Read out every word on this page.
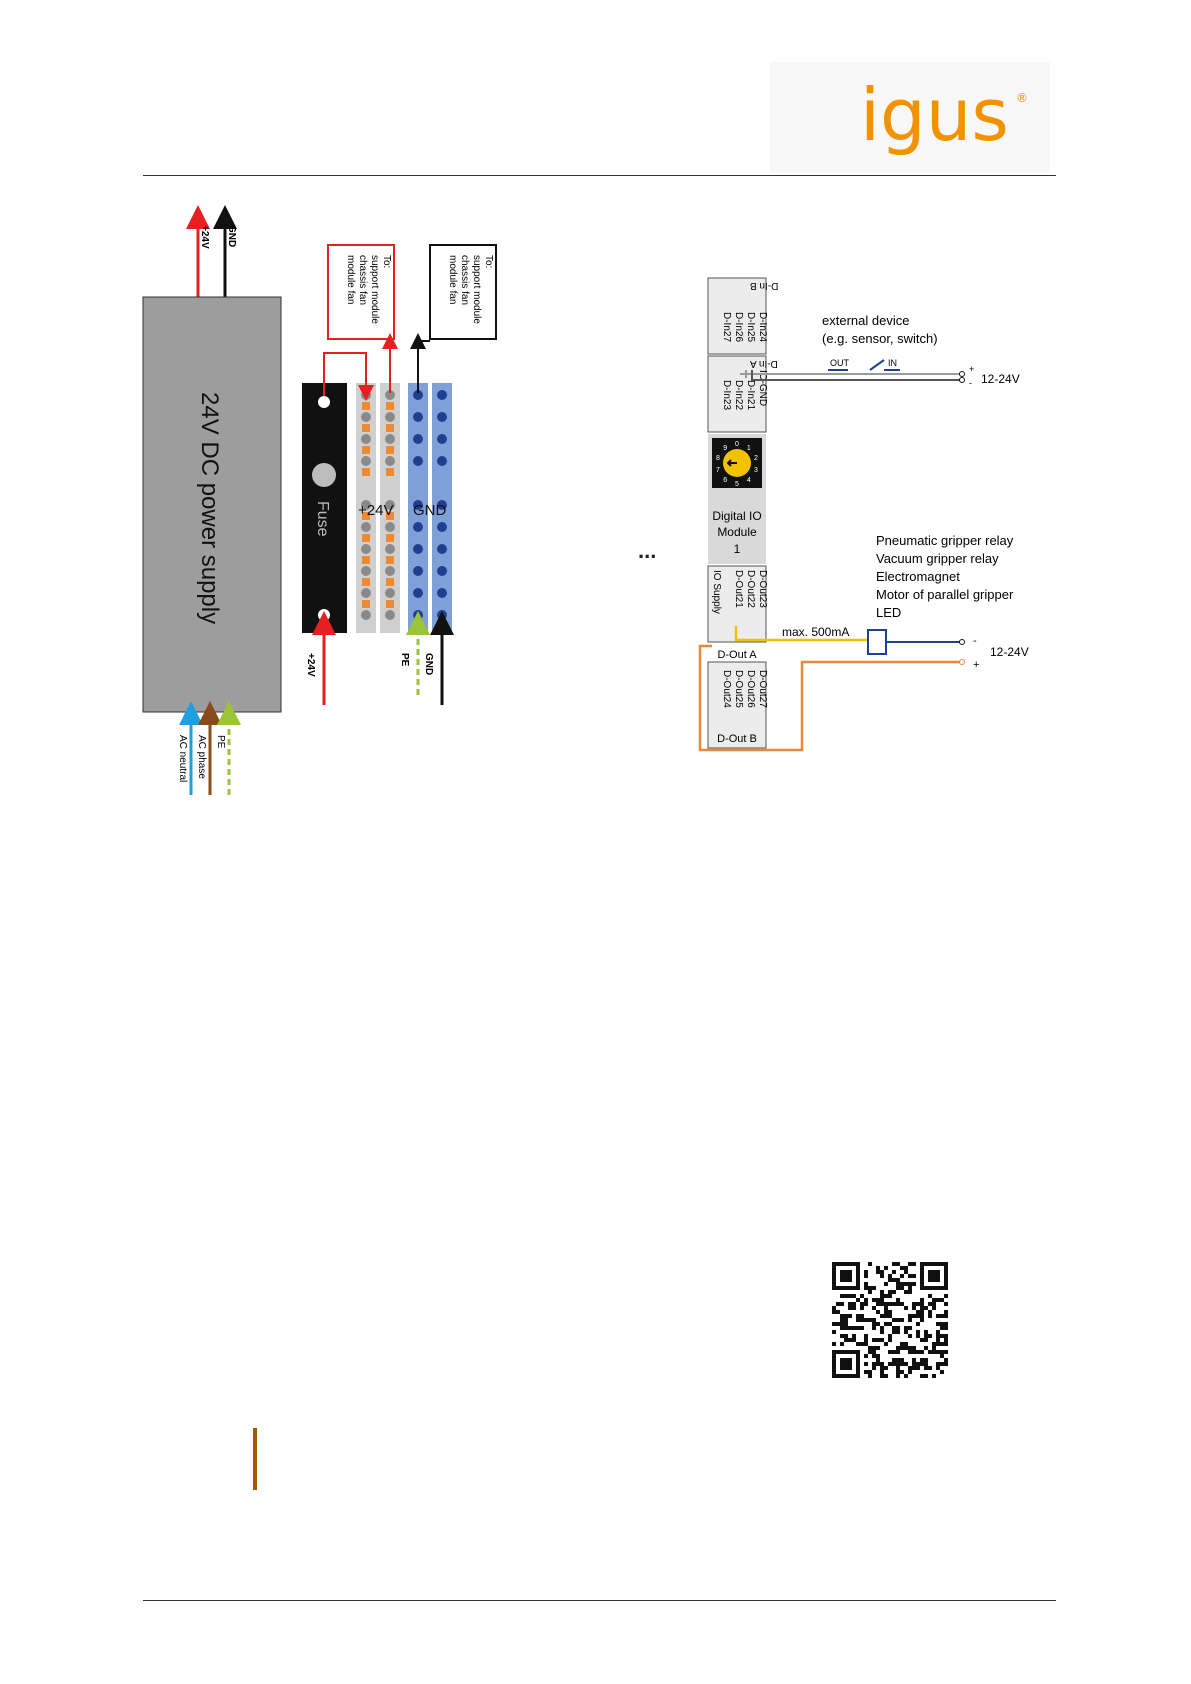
igus ®
+24V GND
24V DC power supply
AC neutral AC phase PE
To:
support module
chassis fan
module fan	To:
support module
chassis fan
module fan
Fuse +24V GND
+24V	PE GND
...
D-In24
D-In25
D-In26
D-In27
D-In B
D-In A
IO-GND
D-In21
D-In22
D-In23
external device
(e.g. sensor, switch)
OUT	IN
+
- 12-24V
0
1
2
3
4
5
6
7
8
9
Digital IO
Module
1
D-Out23
D-Out22
D-Out21
IO Supply
D-Out A
D-Out27
D-Out26
D-Out25
D-Out24
D-Out B
max. 500mA
-
+
12-24V
Pneumatic gripper relay
Vacuum gripper relay
Electromagnet
Motor of parallel gripper
LED
